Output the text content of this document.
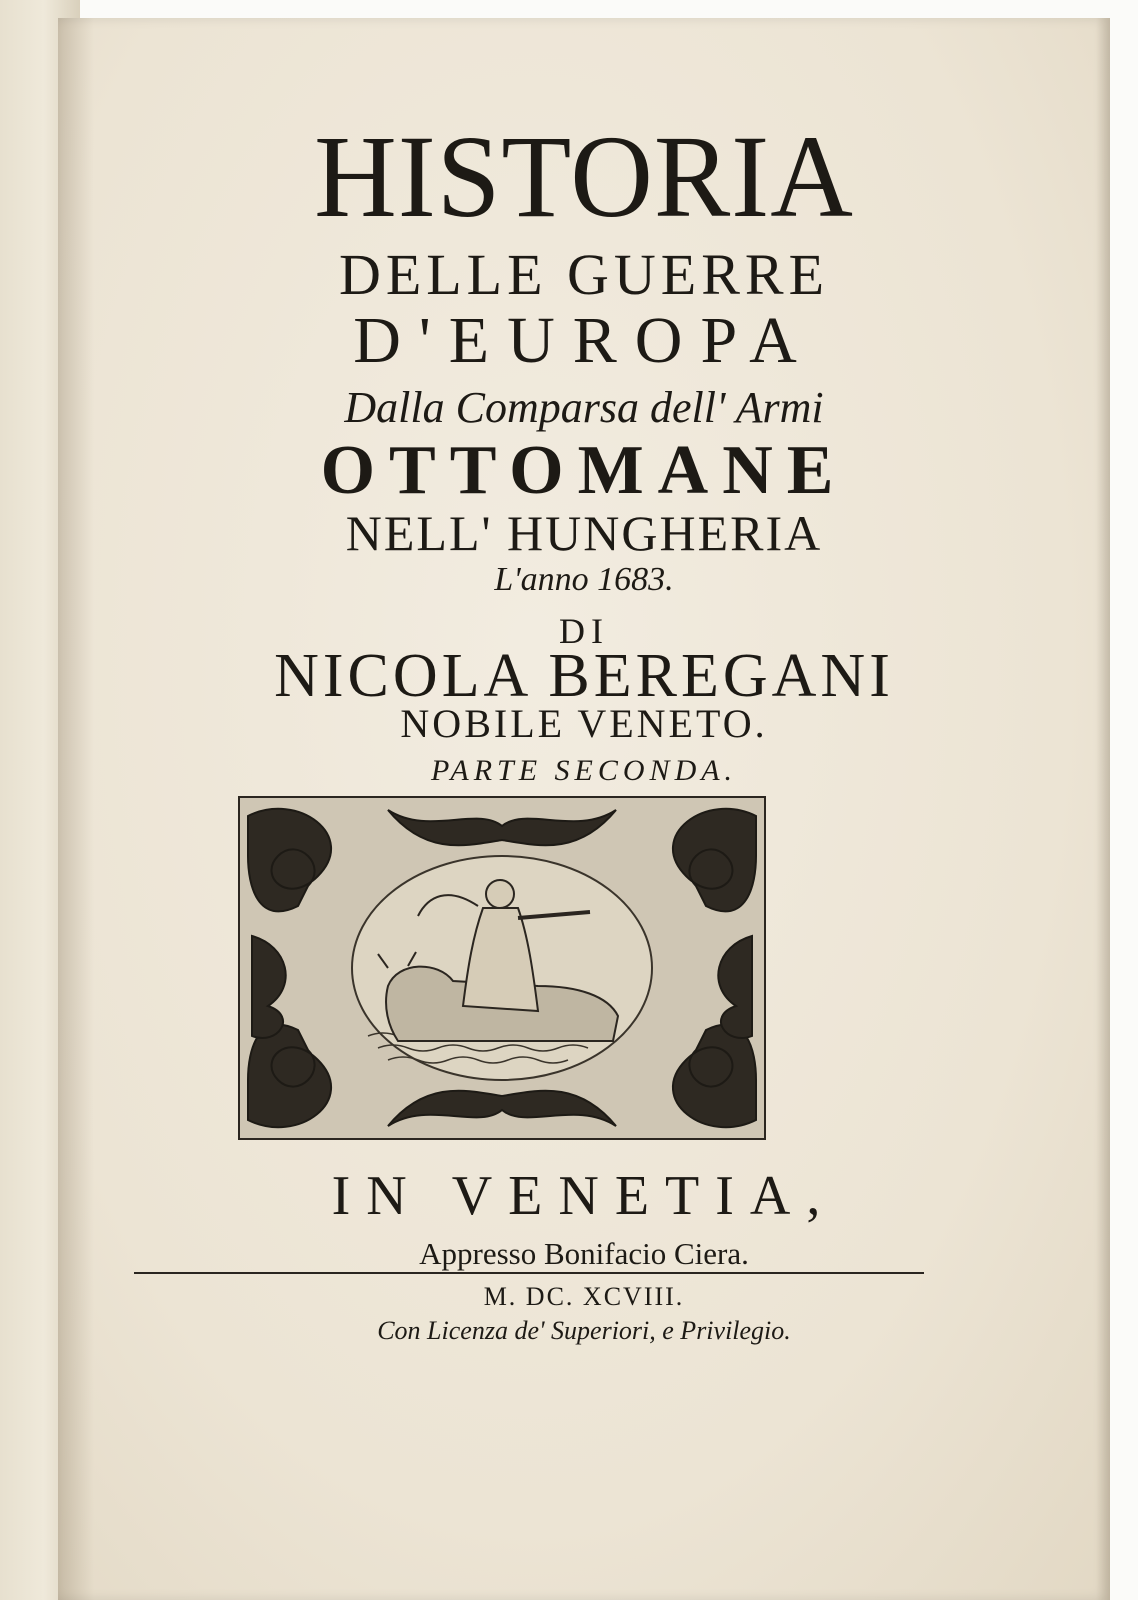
HISTORIA
DELLE GUERRE
D'EUROPA
Dalla Comparsa dell' Armi
OTTOMANE
NELL' HUNGHERIA
L'anno 1683.
DI
NICOLA BEREGANI
NOBILE VENETO.
PARTE SECONDA.
IN VENETIA,
Appresso Bonifacio Ciera.
M. DC. XCVIII.
Con Licenza de' Superiori, e Privilegio.
